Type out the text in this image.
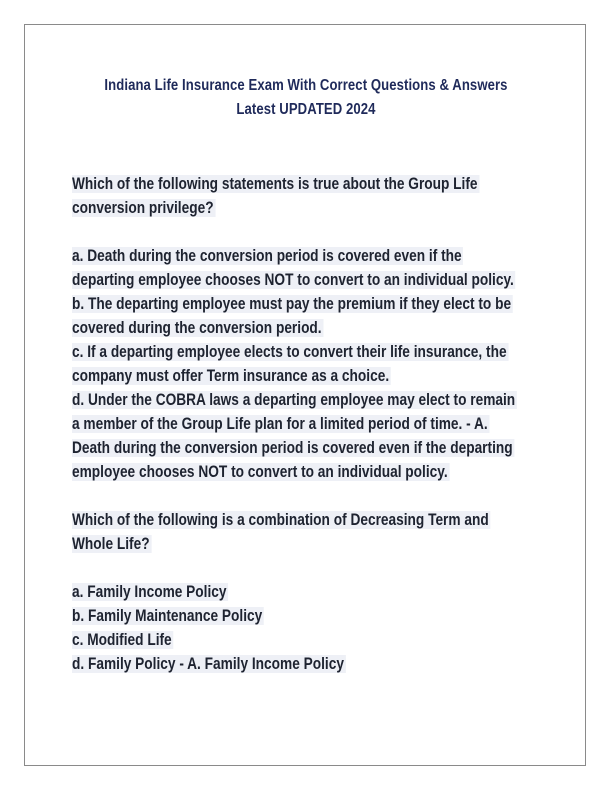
Indiana Life Insurance Exam With Correct Questions & Answers
Latest UPDATED 2024
Which of the following statements is true about the Group Life
conversion privilege?
a. Death during the conversion period is covered even if the
departing employee chooses NOT to convert to an individual policy.
b. The departing employee must pay the premium if they elect to be
covered during the conversion period.
c. If a departing employee elects to convert their life insurance, the
company must offer Term insurance as a choice.
d. Under the COBRA laws a departing employee may elect to remain
a member of the Group Life plan for a limited period of time. - A.
Death during the conversion period is covered even if the departing
employee chooses NOT to convert to an individual policy.
Which of the following is a combination of Decreasing Term and
Whole Life?
a. Family Income Policy
b. Family Maintenance Policy
c. Modified Life
d. Family Policy - A. Family Income Policy
